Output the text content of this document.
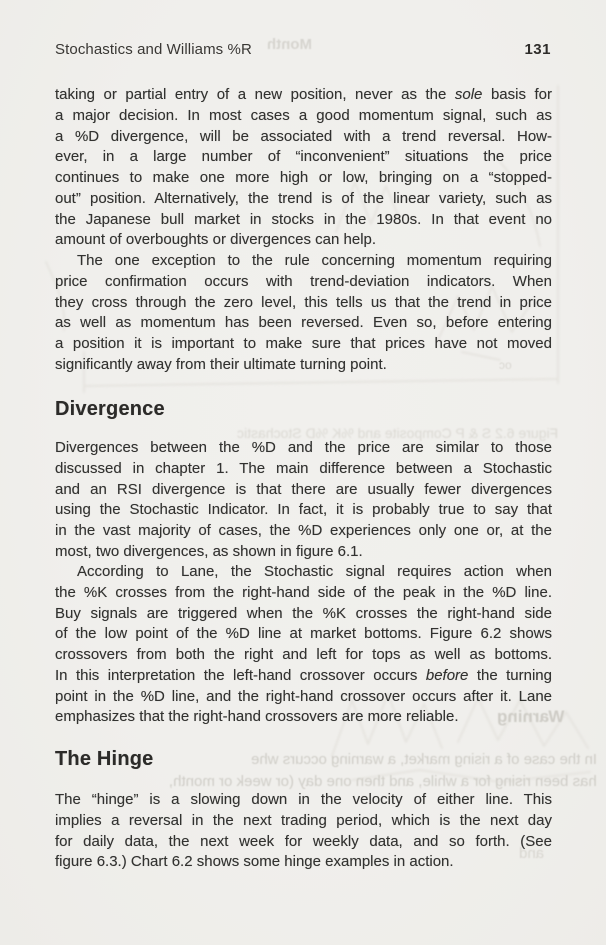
Month
Figure 6.2 S & P Composite and %K %D Stochastic
Warning
In the case of a rising market, a warning occurs whe
has been rising for a while, and then one day (or week or month,
and
oc
Stochastics and Williams %R	131
taking or partial entry of a new position, never as the sole basis for
a major decision. In most cases a good momentum signal, such as
a %D divergence, will be associated with a trend reversal. How-
ever, in a large number of “inconvenient” situations the price
continues to make one more high or low, bringing on a “stopped-
out” position. Alternatively, the trend is of the linear variety, such as
the Japanese bull market in stocks in the 1980s. In that event no
amount of overboughts or divergences can help.
The one exception to the rule concerning momentum requiring
price confirmation occurs with trend-deviation indicators. When
they cross through the zero level, this tells us that the trend in price
as well as momentum has been reversed. Even so, before entering
a position it is important to make sure that prices have not moved
significantly away from their ultimate turning point.
Divergence
Divergences between the %D and the price are similar to those
discussed in chapter 1. The main difference between a Stochastic
and an RSI divergence is that there are usually fewer divergences
using the Stochastic Indicator. In fact, it is probably true to say that
in the vast majority of cases, the %D experiences only one or, at the
most, two divergences, as shown in figure 6.1.
According to Lane, the Stochastic signal requires action when
the %K crosses from the right-hand side of the peak in the %D line.
Buy signals are triggered when the %K crosses the right-hand side
of the low point of the %D line at market bottoms. Figure 6.2 shows
crossovers from both the right and left for tops as well as bottoms.
In this interpretation the left-hand crossover occurs before the turning
point in the %D line, and the right-hand crossover occurs after it. Lane
emphasizes that the right-hand crossovers are more reliable.
The Hinge
The “hinge” is a slowing down in the velocity of either line. This
implies a reversal in the next trading period, which is the next day
for daily data, the next week for weekly data, and so forth. (See
figure 6.3.) Chart 6.2 shows some hinge examples in action.
